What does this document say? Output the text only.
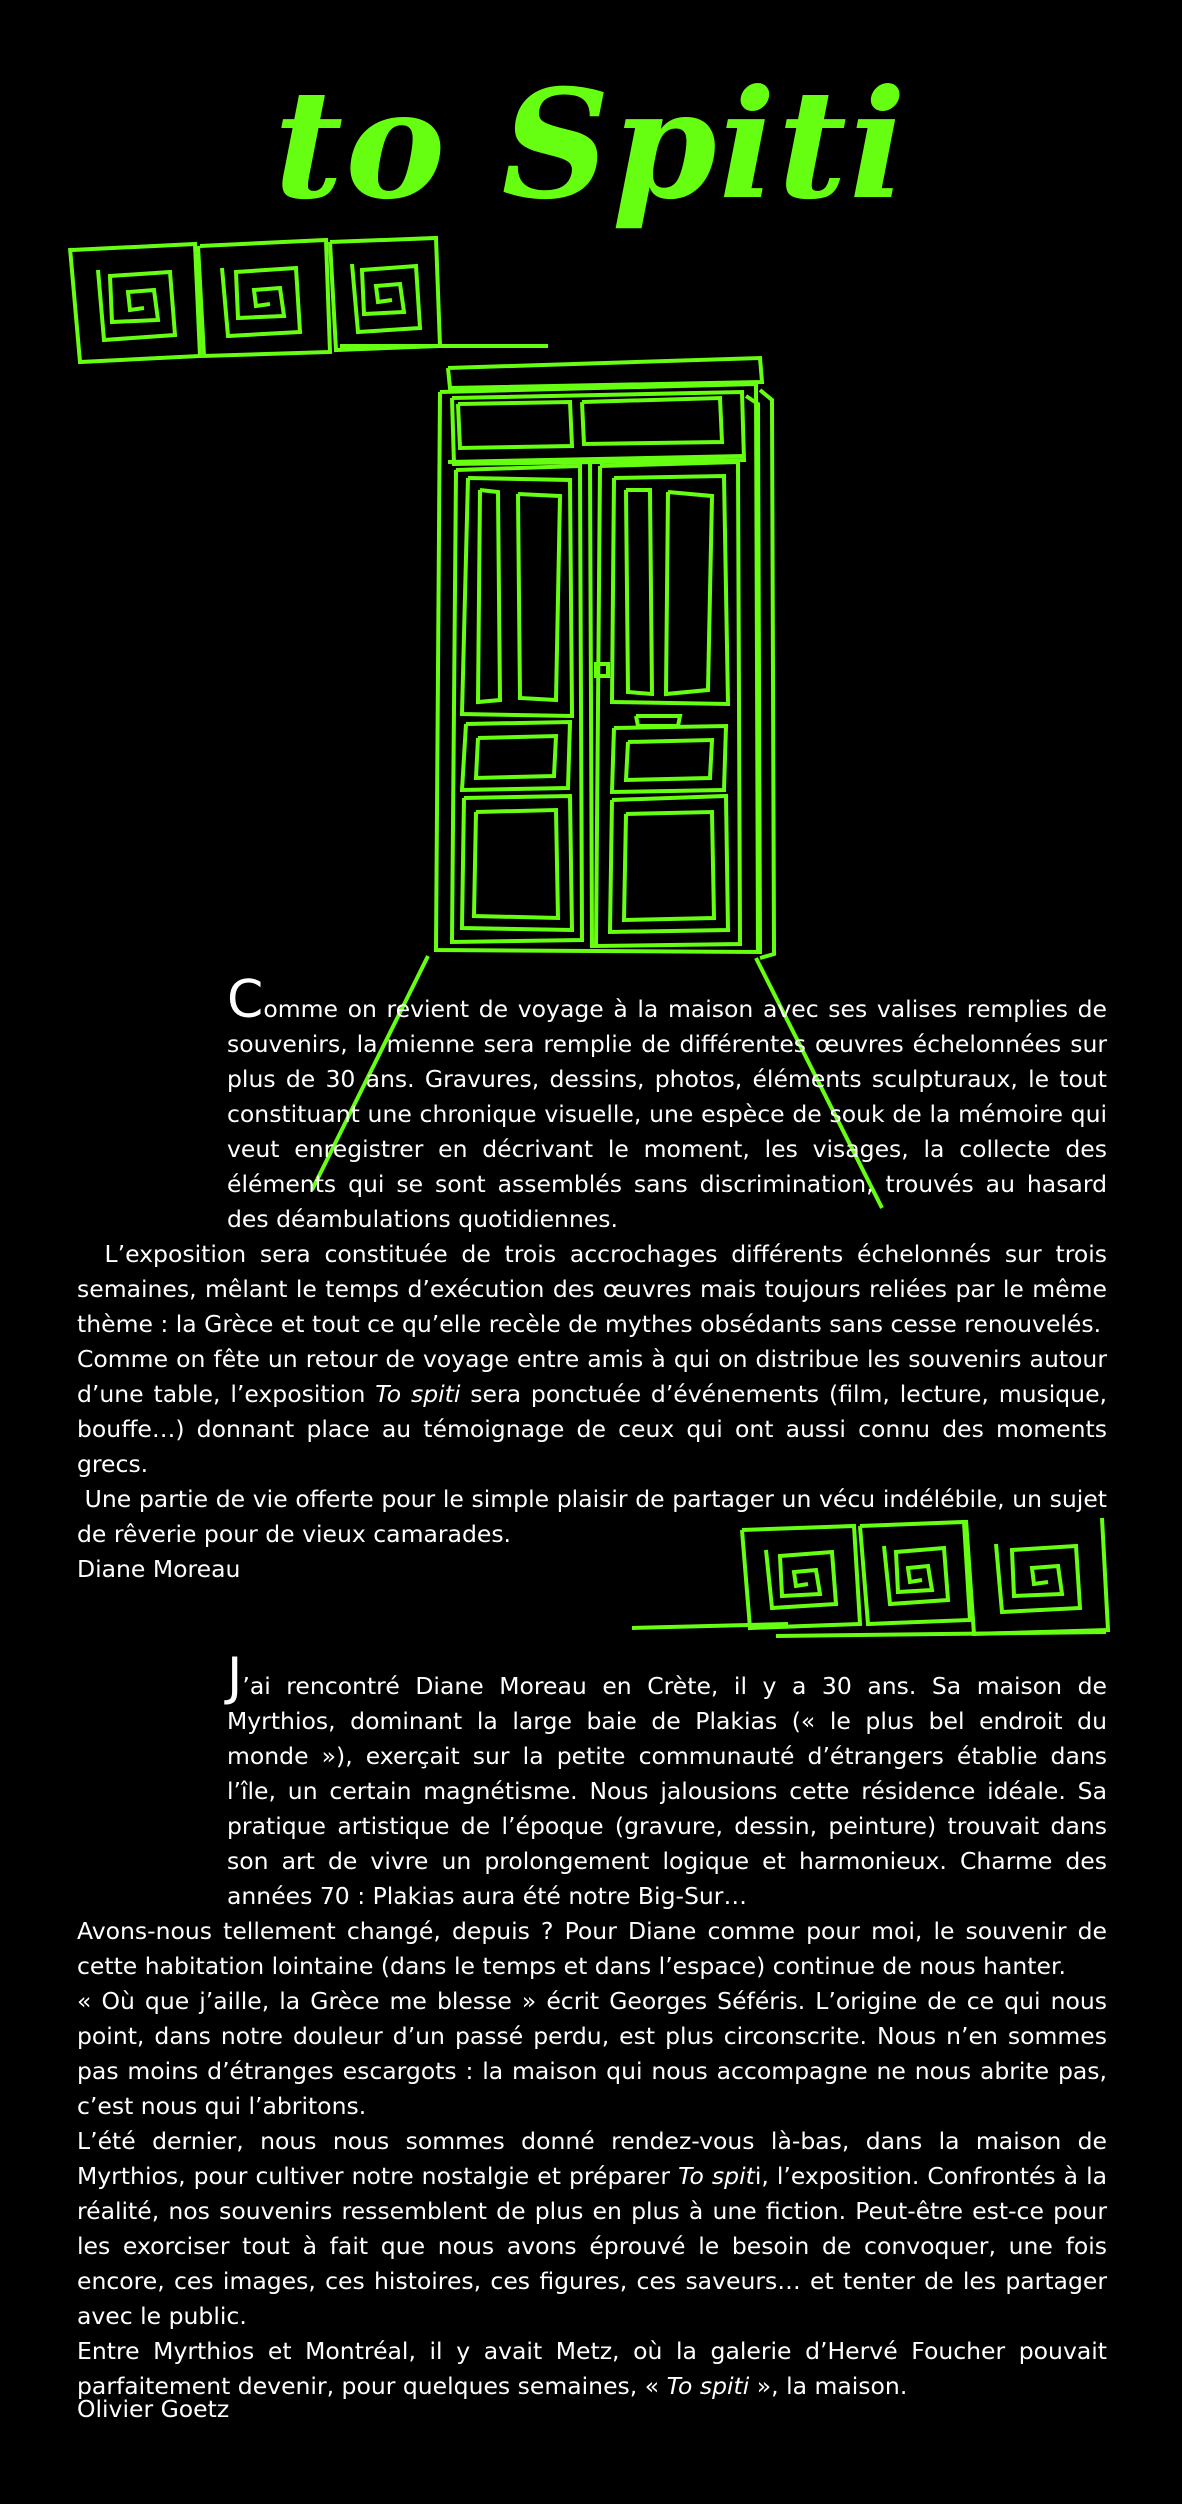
to Spiti

Comme on revient de voyage à la maison avec ses valises remplies de souvenirs, la mienne sera remplie de différentes œuvres échelonnées sur plus de 30 ans. Gravures, dessins, photos, éléments sculpturaux, le tout constituant une chronique visuelle, une espèce de souk de la mémoire qui veut enregistrer en décrivant le moment, les visages, la collecte des éléments qui se sont assemblés sans discrimination, trouvés au hasard des déambulations quotidiennes.

L’exposition sera constituée de trois accrochages différents échelonnés sur trois semaines, mêlant le temps d’exécution des œuvres mais toujours reliées par le même thème : la Grèce et tout ce qu’elle recèle de mythes obsédants sans cesse renouvelés.

Comme on fête un retour de voyage entre amis à qui on distribue les souvenirs autour d’une table, l’exposition To spiti sera ponctuée d’événements (film, lecture, musique, bouffe…) donnant place au témoignage de ceux qui ont aussi connu des moments grecs.

Une partie de vie offerte pour le simple plaisir de partager un vécu indélébile, un sujet de rêverie pour de vieux camarades.

Diane Moreau

J’ai rencontré Diane Moreau en Crète, il y a 30 ans. Sa maison de Myrthios, dominant la large baie de Plakias (« le plus bel endroit du monde »), exerçait sur la petite communauté d’étrangers établie dans l’île, un certain magnétisme. Nous jalousions cette résidence idéale. Sa pratique artistique de l’époque (gravure, dessin, peinture) trouvait dans son art de vivre un prolongement logique et harmonieux. Charme des années 70 : Plakias aura été notre Big-Sur…

Avons-nous tellement changé, depuis ? Pour Diane comme pour moi, le souvenir de cette habitation lointaine (dans le temps et dans l’espace) continue de nous hanter.

« Où que j’aille, la Grèce me blesse » écrit Georges Séféris. L’origine de ce qui nous point, dans notre douleur d’un passé perdu, est plus circonscrite. Nous n’en sommes pas moins d’étranges escargots : la maison qui nous accompagne ne nous abrite pas, c’est nous qui l’abritons.

L’été dernier, nous nous sommes donné rendez-vous là-bas, dans la maison de Myrthios, pour cultiver notre nostalgie et préparer To spiti, l’exposition. Confrontés à la réalité, nos souvenirs ressemblent de plus en plus à une fiction. Peut-être est-ce pour les exorciser tout à fait que nous avons éprouvé le besoin de convoquer, une fois encore, ces images, ces histoires, ces figures, ces saveurs… et tenter de les partager avec le public.

Entre Myrthios et Montréal, il y avait Metz, où la galerie d’Hervé Foucher pouvait parfaitement devenir, pour quelques semaines, « To spiti », la maison.

Olivier Goetz
